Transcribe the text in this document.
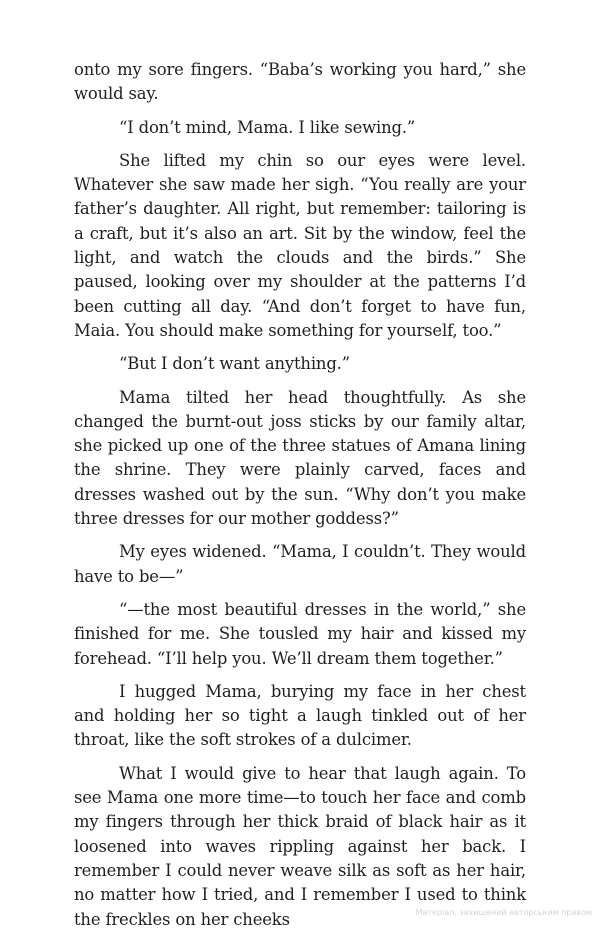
onto my sore fingers. “Baba’s working you hard,” she would say.

“I don’t mind, Mama. I like sewing.”

She lifted my chin so our eyes were level. Whatever she saw made her sigh. “You really are your father’s daughter. All right, but remember: tailoring is a craft, but it’s also an art. Sit by the window, feel the light, and watch the clouds and the birds.” She paused, looking over my shoulder at the patterns I’d been cutting all day. “And don’t forget to have fun, Maia. You should make something for yourself, too.”

“But I don’t want anything.”

Mama tilted her head thoughtfully. As she changed the burnt-out joss sticks by our family altar, she picked up one of the three statues of Amana lining the shrine. They were plainly carved, faces and dresses washed out by the sun. “Why don’t you make three dresses for our mother goddess?”

My eyes widened. “Mama, I couldn’t. They would have to be—”

“—the most beautiful dresses in the world,” she finished for me. She tousled my hair and kissed my forehead. “I’ll help you. We’ll dream them together.”

I hugged Mama, burying my face in her chest and holding her so tight a laugh tinkled out of her throat, like the soft strokes of a dulcimer.

What I would give to hear that laugh again. To see Mama one more time—to touch her face and comb my fingers through her thick braid of black hair as it loosened into waves rippling against her back. I remember I could never weave silk as soft as her hair, no matter how I tried, and I remember I used to think the freckles on her cheeks	Матеріал, захищений авторським правом
